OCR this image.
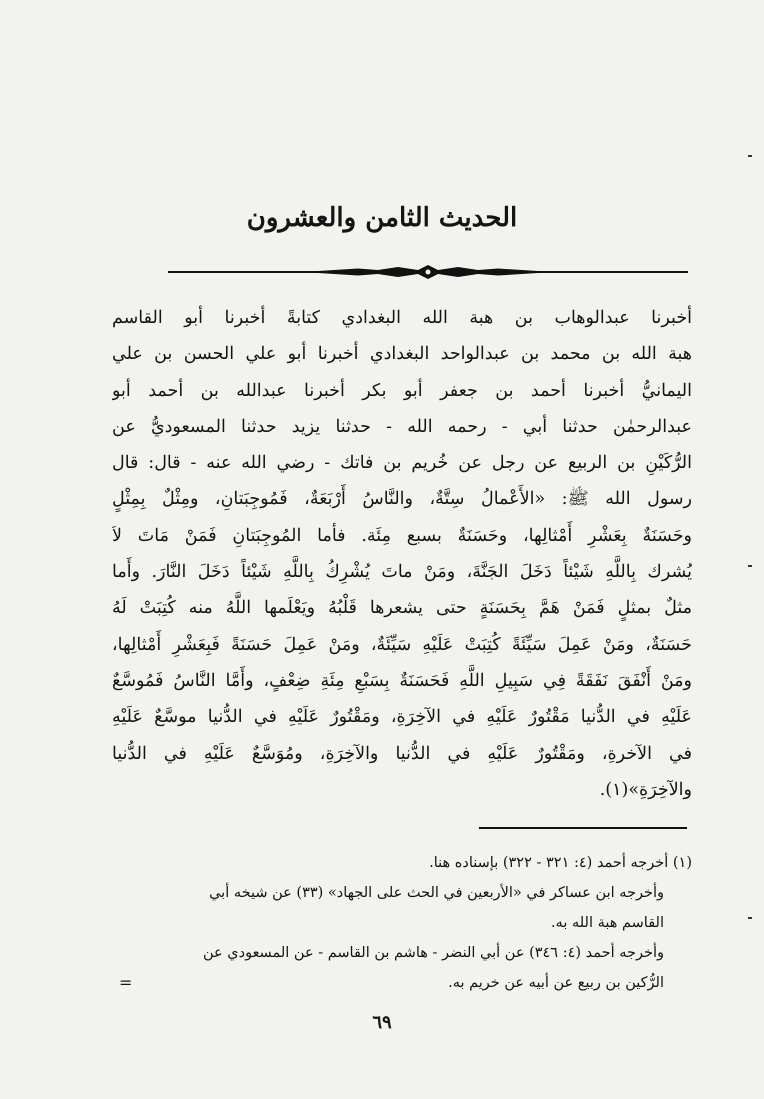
الحديث الثامن والعشرون
أخبرنا عبدالوهاب بن هبة الله البغدادي كتابةً أخبرنا أبو القاسم
هبة الله بن محمد بن عبدالواحد البغدادي أخبرنا أبو علي الحسن بن علي
اليمانيُّ أخبرنا أحمد بن جعفر أبو بكر أخبرنا عبدالله بن أحمد أبو
عبدالرحمٰن حدثنا أبي - رحمه الله - حدثنا يزيد حدثنا المسعوديُّ عن
الرُّكَيْنِ بن الربيع عن رجل عن خُريم بن فاتك - رضي الله عنه - قال: قال
رسول الله ﷺ: «الأَعْمالُ سِتَّةٌ، والنَّاسُ أَرْبَعَةٌ، فَمُوجِبَتانِ، ومِثْلٌ بِمِثْلٍ
وحَسَنَةٌ بِعَشْرِ أَمْثالِها، وحَسَنَةٌ بسبع مِئَة. فأما المُوجِبَتانِ فَمَنْ مَاتَ لاَ
يُشرك بِاللَّهِ شَيْئاً دَخَلَ الجَنَّةَ، ومَنْ ماتَ يُشْرِكُ بِاللَّهِ شَيْئاً دَخَلَ النَّارَ. وأَما
مثلٌ بمثلٍ فَمَنْ هَمَّ بِحَسَنَةٍ حتى يشعرها قَلْبُهُ ويَعْلَمها اللَّهُ منه كُتِبَتْ لَهُ
حَسَنَةٌ، ومَنْ عَمِلَ سَيِّئَةً كُتِبَتْ عَلَيْهِ سَيِّئَةٌ، ومَنْ عَمِلَ حَسَنَةً فَبِعَشْرِ أَمْثالِها،
ومَنْ أَنْفَقَ نَفَقَةً فِي سَبِيلِ اللَّهِ فَحَسَنَةٌ بِسَبْعِ مِئَةِ ضِعْفٍ، وأَمَّا النَّاسُ فَمُوسَّعٌ
عَلَيْهِ في الدُّنيا مَقْتُورٌ عَلَيْهِ في الآخِرَةِ، ومَقْتُورٌ عَلَيْهِ في الدُّنيا موسَّعٌ عَلَيْهِ
في الآخرةِ، ومَقْتُورٌ عَلَيْهِ في الدُّنيا والآخِرَةِ، ومُوَسَّعٌ عَلَيْهِ في الدُّنيا
والآخِرَةِ»(١).
(١) أخرجه أحمد (٤: ٣٢١ - ٣٢٢) بإسناده هنا.
وأخرجه ابن عساكر في «الأربعين في الحث على الجهاد» (٣٣) عن شيخه أبي
القاسم هبة الله به.
وأخرجه أحمد (٤: ٣٤٦) عن أبي النضر - هاشم بن القاسم - عن المسعودي عن
الرُّكين بن ربيع عن أبيه عن خريم به.
=
٦٩
